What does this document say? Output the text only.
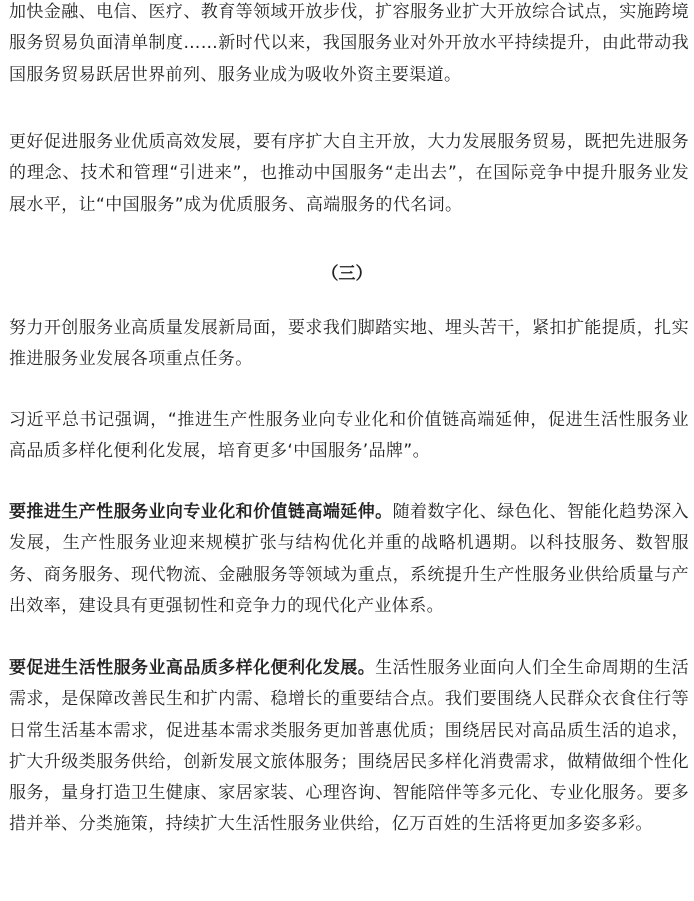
加快金融、电信、医疗、教育等领域开放步伐，扩容服务业扩大开放综合试点，实施跨境服务贸易负面清单制度……新时代以来，我国服务业对外开放水平持续提升，由此带动我国服务贸易跃居世界前列、服务业成为吸收外资主要渠道。

更好促进服务业优质高效发展，要有序扩大自主开放，大力发展服务贸易，既把先进服务的理念、技术和管理“引进来”，也推动中国服务“走出去”，在国际竞争中提升服务业发展水平，让“中国服务”成为优质服务、高端服务的代名词。

（三）

努力开创服务业高质量发展新局面，要求我们脚踏实地、埋头苦干，紧扣扩能提质，扎实推进服务业发展各项重点任务。

习近平总书记强调，“推进生产性服务业向专业化和价值链高端延伸，促进生活性服务业高品质多样化便利化发展，培育更多‘中国服务’品牌”。

要推进生产性服务业向专业化和价值链高端延伸。随着数字化、绿色化、智能化趋势深入发展，生产性服务业迎来规模扩张与结构优化并重的战略机遇期。以科技服务、数智服务、商务服务、现代物流、金融服务等领域为重点，系统提升生产性服务业供给质量与产出效率，建设具有更强韧性和竞争力的现代化产业体系。

要促进生活性服务业高品质多样化便利化发展。生活性服务业面向人们全生命周期的生活需求，是保障改善民生和扩内需、稳增长的重要结合点。我们要围绕人民群众衣食住行等日常生活基本需求，促进基本需求类服务更加普惠优质；围绕居民对高品质生活的追求，扩大升级类服务供给，创新发展文旅体服务；围绕居民多样化消费需求，做精做细个性化服务，量身打造卫生健康、家居家装、心理咨询、智能陪伴等多元化、专业化服务。要多措并举、分类施策，持续扩大生活性服务业供给，亿万百姓的生活将更加多姿多彩。
